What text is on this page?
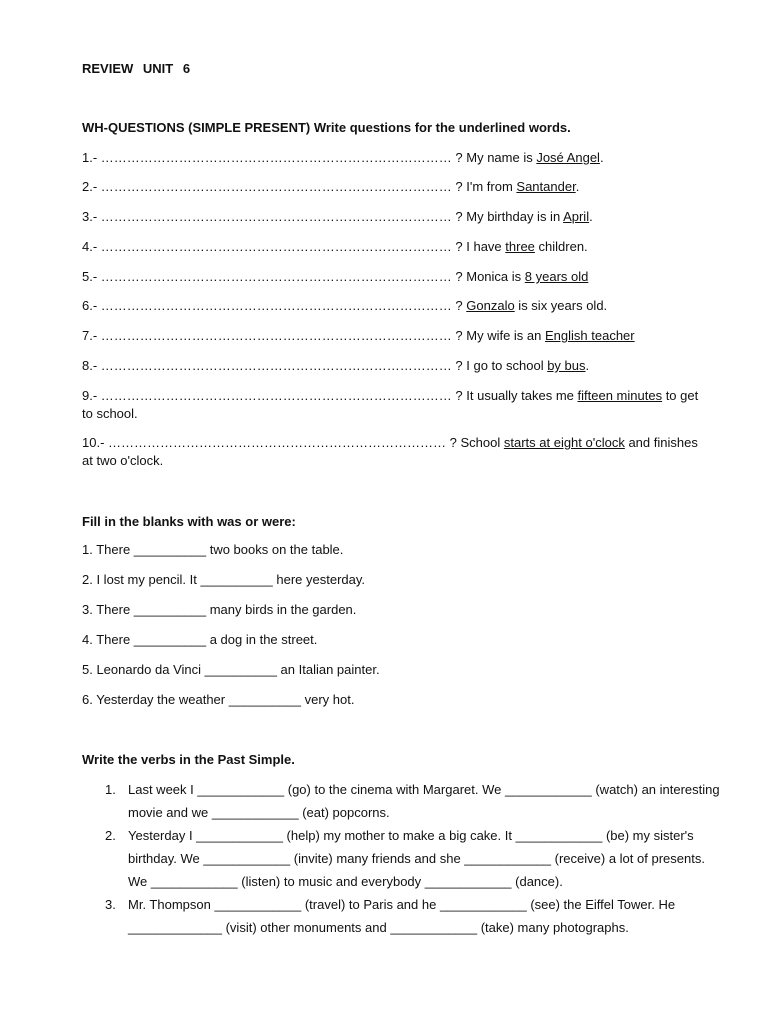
REVIEW UNIT 6
WH-QUESTIONS (SIMPLE PRESENT) Write questions for the underlined words.
1.- ……………………………………………………………………… ? My name is José Angel.
2.- ……………………………………………………………………… ? I'm from Santander.
3.- ……………………………………………………………………… ? My birthday is in April.
4.- ……………………………………………………………………… ? I have three children.
5.- ……………………………………………………………………… ? Monica is 8 years old
6.- ……………………………………………………………………… ? Gonzalo is six years old.
7.- ……………………………………………………………………… ? My wife is an English teacher
8.- ……………………………………………………………………… ? I go to school by bus.
9.- ……………………………………………………………………… ? It usually takes me fifteen minutes to get to school.
10.- …………………………………………………………………… ? School starts at eight o'clock and finishes at two o'clock.
Fill in the blanks with was or were:
1. There __________ two books on the table.
2. I lost my pencil. It __________ here yesterday.
3. There __________ many birds in the garden.
4. There __________ a dog in the street.
5. Leonardo da Vinci __________ an Italian painter.
6. Yesterday the weather __________ very hot.
Write the verbs in the Past Simple.

1. Last week I ____________ (go) to the cinema with Margaret. We ____________ (watch) an interesting movie and we ____________ (eat) popcorns.

2. Yesterday I ____________ (help) my mother to make a big cake. It ____________ (be) my sister's birthday. We ____________ (invite) many friends and she ____________ (receive) a lot of presents. We ____________ (listen) to music and everybody ____________ (dance).

3. Mr. Thompson ____________ (travel) to Paris and he ____________ (see) the Eiffel Tower. He _____________ (visit) other monuments and ____________ (take) many photographs.
